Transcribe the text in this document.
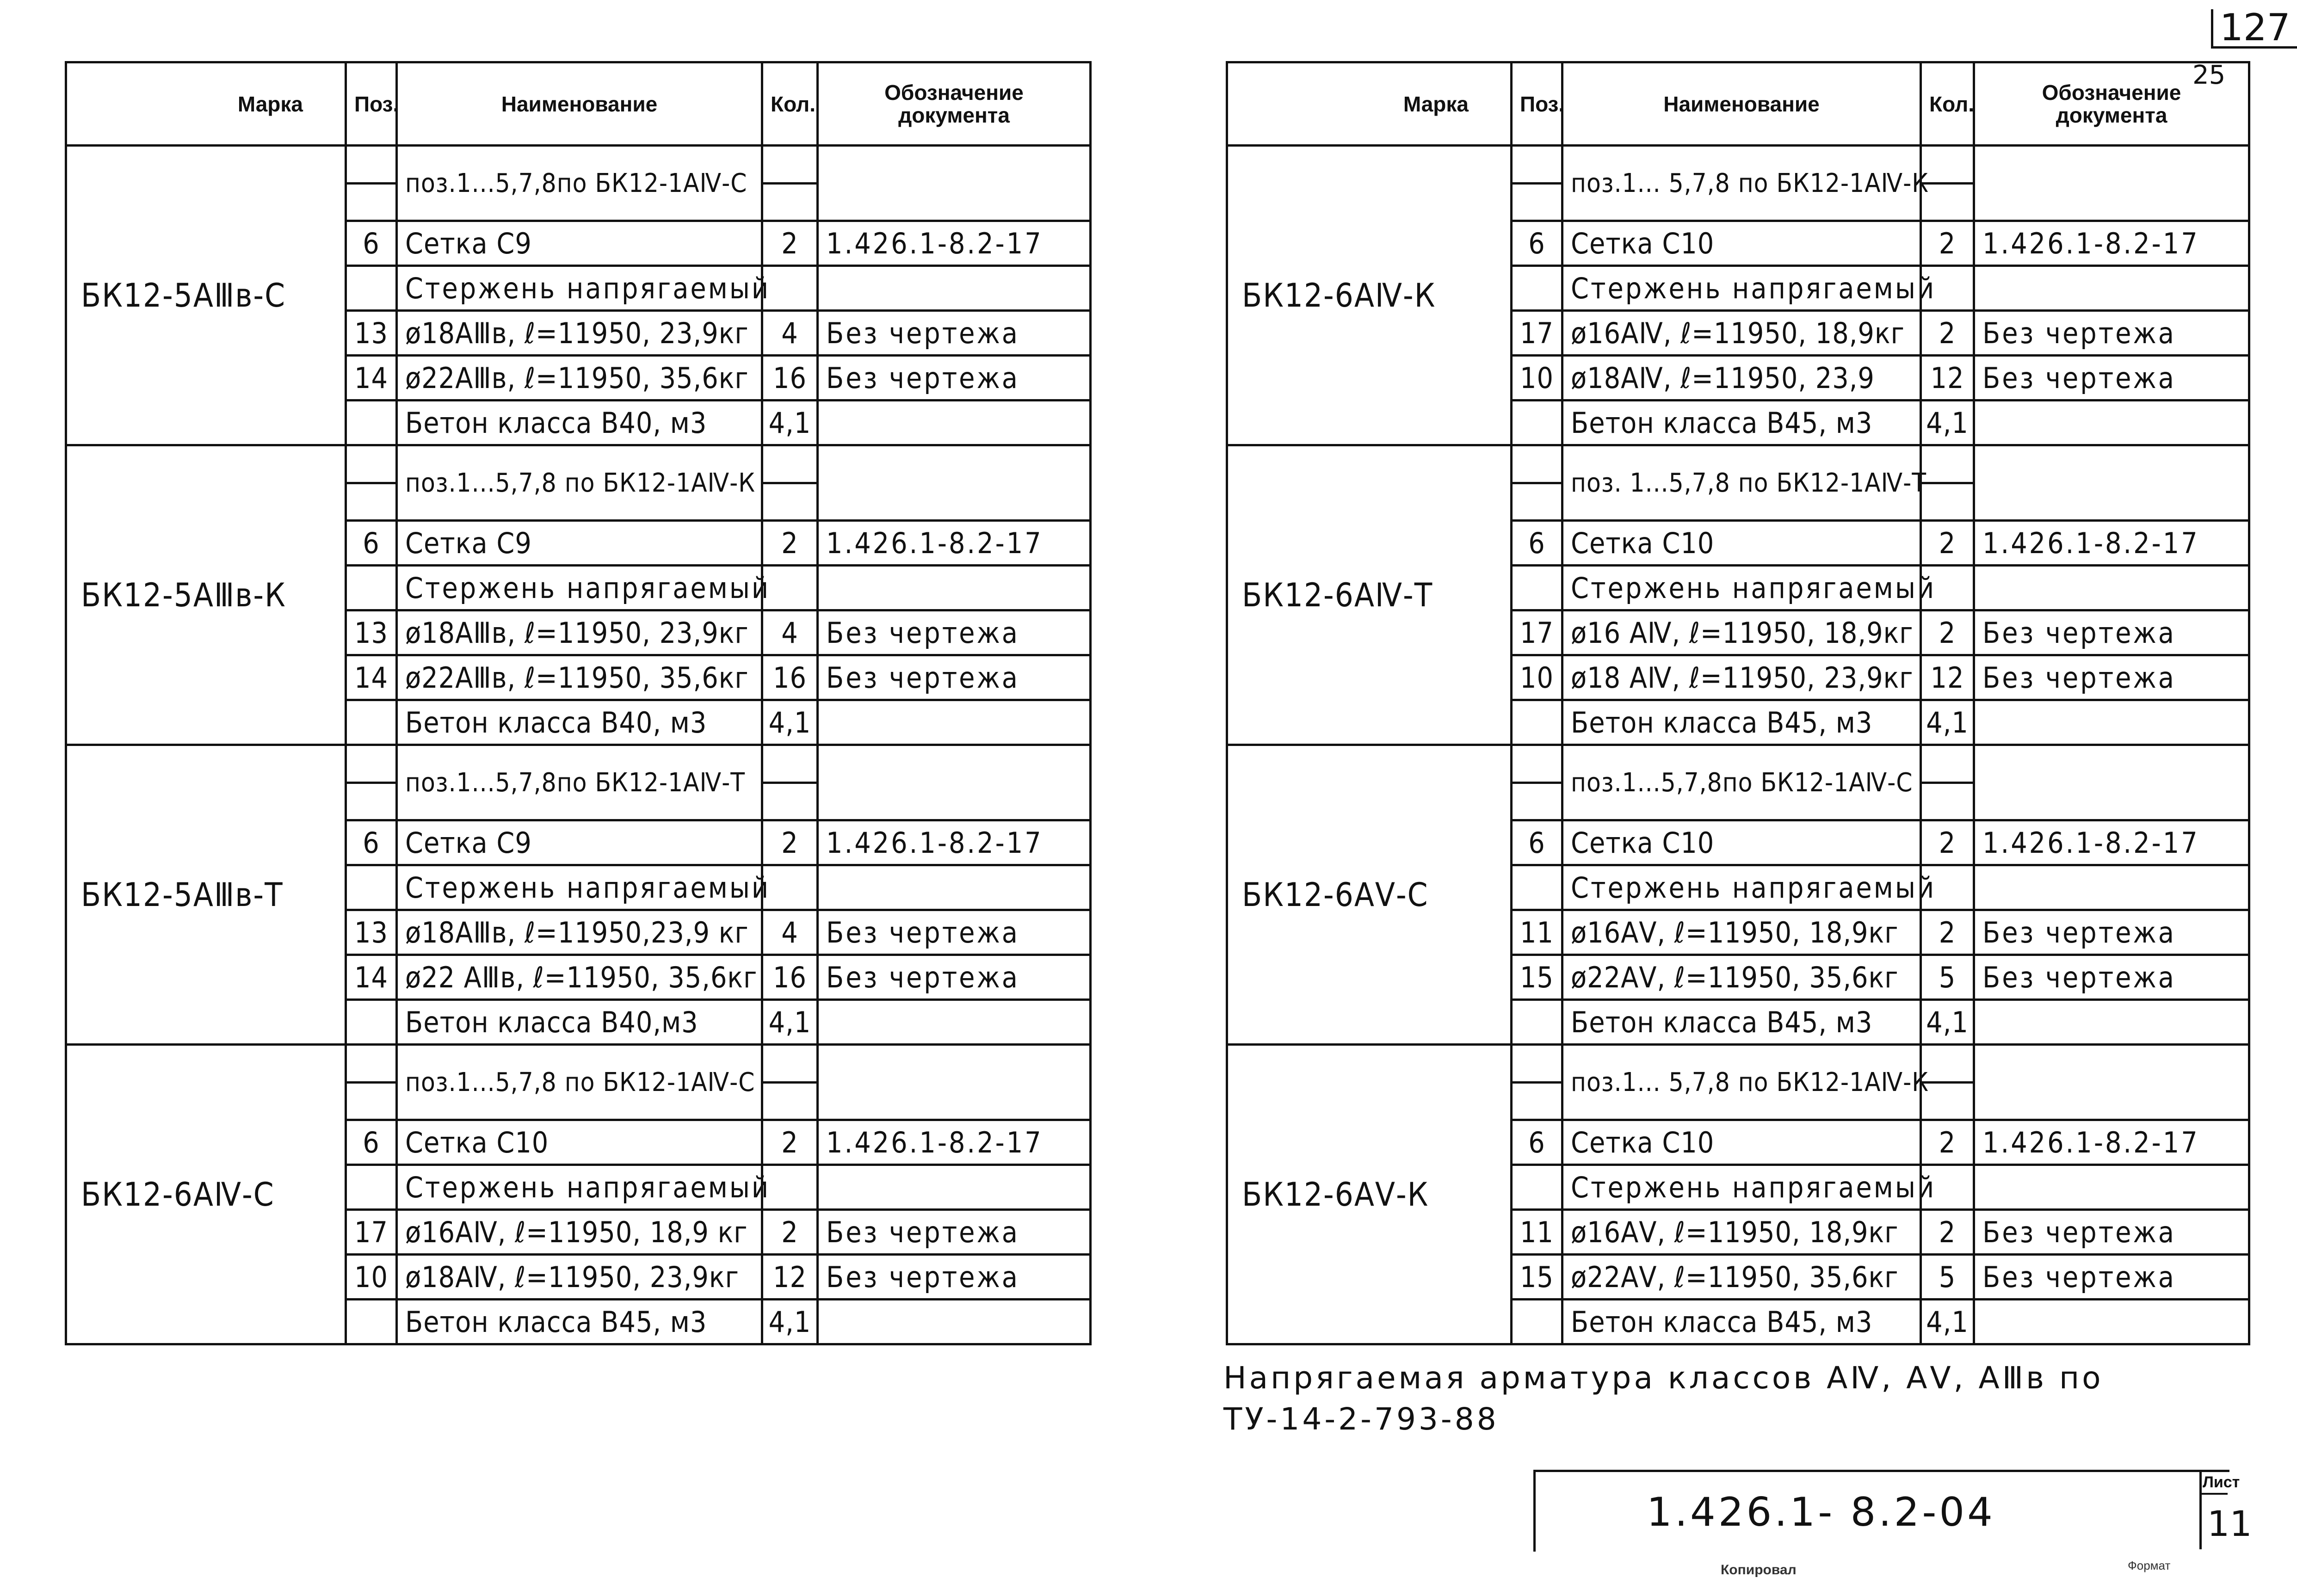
127
25
Марка	Поз.	Наименование	Кол.	Обозначение
документа

БК12-5АⅢв-С		поз.1...5,7,8по БК12-1АⅣ-С	

	6	Сетка С9	2	1.426.1-8.2-17
		Стержень напрягаемый		
	13	ø18АⅢв, ℓ=11950, 23,9кг	4	Без чертежа
	14	ø22АⅢв, ℓ=11950, 35,6кг	16	Без чертежа
		Бетон класса В40, м3	4,1	
БК12-5АⅢв-К		поз.1...5,7,8 по БК12-1АⅣ-К	

	6	Сетка С9	2	1.426.1-8.2-17
		Стержень напрягаемый		
	13	ø18АⅢв, ℓ=11950, 23,9кг	4	Без чертежа
	14	ø22АⅢв, ℓ=11950, 35,6кг	16	Без чертежа
		Бетон класса В40, м3	4,1	
БК12-5АⅢв-Т		поз.1...5,7,8по БК12-1АⅣ-Т	

	6	Сетка С9	2	1.426.1-8.2-17
		Стержень напрягаемый		
	13	ø18АⅢв, ℓ=11950,23,9 кг	4	Без чертежа
	14	ø22 АⅢв, ℓ=11950, 35,6кг	16	Без чертежа
		Бетон класса В40,м3	4,1	
БК12-6АⅣ-С		поз.1...5,7,8 по БК12-1АⅣ-С	

	6	Сетка С10	2	1.426.1-8.2-17
		Стержень напрягаемый		
	17	ø16АⅣ, ℓ=11950, 18,9 кг	2	Без чертежа
	10	ø18АⅣ, ℓ=11950, 23,9кг	12	Без чертежа
		Бетон класса В45, м3	4,1	
Марка	Поз.	Наименование	Кол.	Обозначение
документа

БК12-6АⅣ-К		поз.1... 5,7,8 по БК12-1АⅣ-К	

	6	Сетка С10	2	1.426.1-8.2-17
		Стержень напрягаемый		
	17	ø16АⅣ, ℓ=11950, 18,9кг	2	Без чертежа
	10	ø18АⅣ, ℓ=11950, 23,9	12	Без чертежа
		Бетон класса В45, м3	4,1	
БК12-6АⅣ-Т		поз. 1...5,7,8 по БК12-1АⅣ-Т	

	6	Сетка С10	2	1.426.1-8.2-17
		Стержень напрягаемый		
	17	ø16 АⅣ, ℓ=11950, 18,9кг	2	Без чертежа
	10	ø18 АⅣ, ℓ=11950, 23,9кг	12	Без чертежа
		Бетон класса В45, м3	4,1	
БК12-6АⅤ-С		поз.1...5,7,8по БК12-1АⅣ-С	

	6	Сетка С10	2	1.426.1-8.2-17
		Стержень напрягаемый		
	11	ø16АⅤ, ℓ=11950, 18,9кг	2	Без чертежа
	15	ø22АⅤ, ℓ=11950, 35,6кг	5	Без чертежа
		Бетон класса В45, м3	4,1	
БК12-6АⅤ-К		поз.1... 5,7,8 по БК12-1АⅣ-К	

	6	Сетка С10	2	1.426.1-8.2-17
		Стержень напрягаемый		
	11	ø16АⅤ, ℓ=11950, 18,9кг	2	Без чертежа
	15	ø22АⅤ, ℓ=11950, 35,6кг	5	Без чертежа
		Бетон класса В45, м3	4,1	
Напрягаемая арматура классов АⅣ, АⅤ, АⅢв по
ТУ-14-2-793-88
1.426.1- 8.2-04
Лист
11
Копировал	Формат
